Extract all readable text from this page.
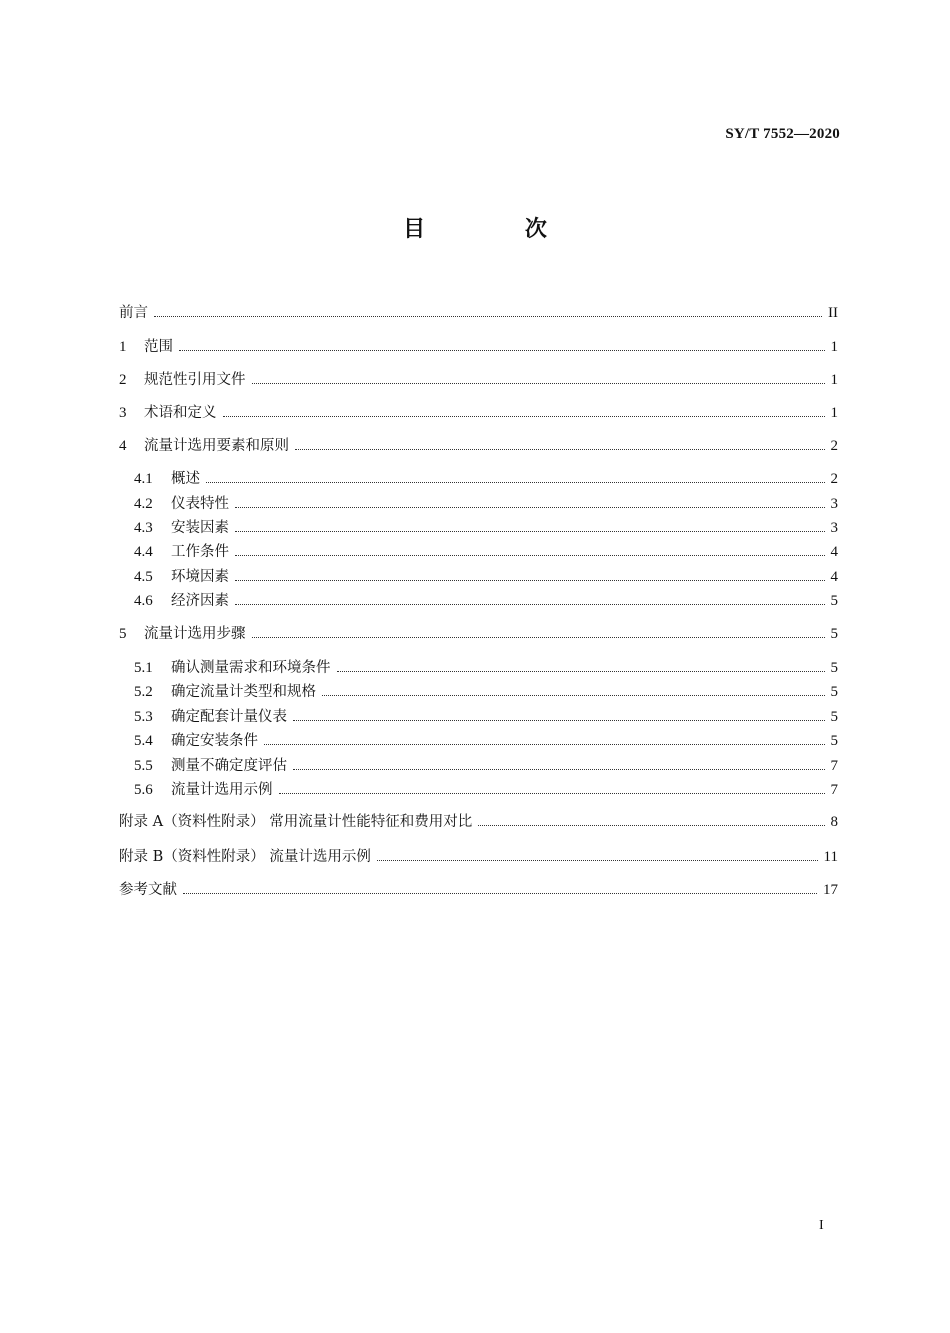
SY/T 7552—2020
目 次
前言	II
1	范围	1
2	规范性引用文件	1
3	术语和定义	1
4	流量计选用要素和原则	2
4.1	概述	2
4.2	仪表特性	3
4.3	安装因素	3
4.4	工作条件	4
4.5	环境因素	4
4.6	经济因素	5
5	流量计选用步骤	5
5.1	确认测量需求和环境条件	5
5.2	确定流量计类型和规格	5
5.3	确定配套计量仪表	5
5.4	确定安装条件	5
5.5	测量不确定度评估	7
5.6	流量计选用示例	7
附录 A（资料性附录） 常用流量计性能特征和费用对比	8
附录 B（资料性附录） 流量计选用示例	11
参考文献	17
I
